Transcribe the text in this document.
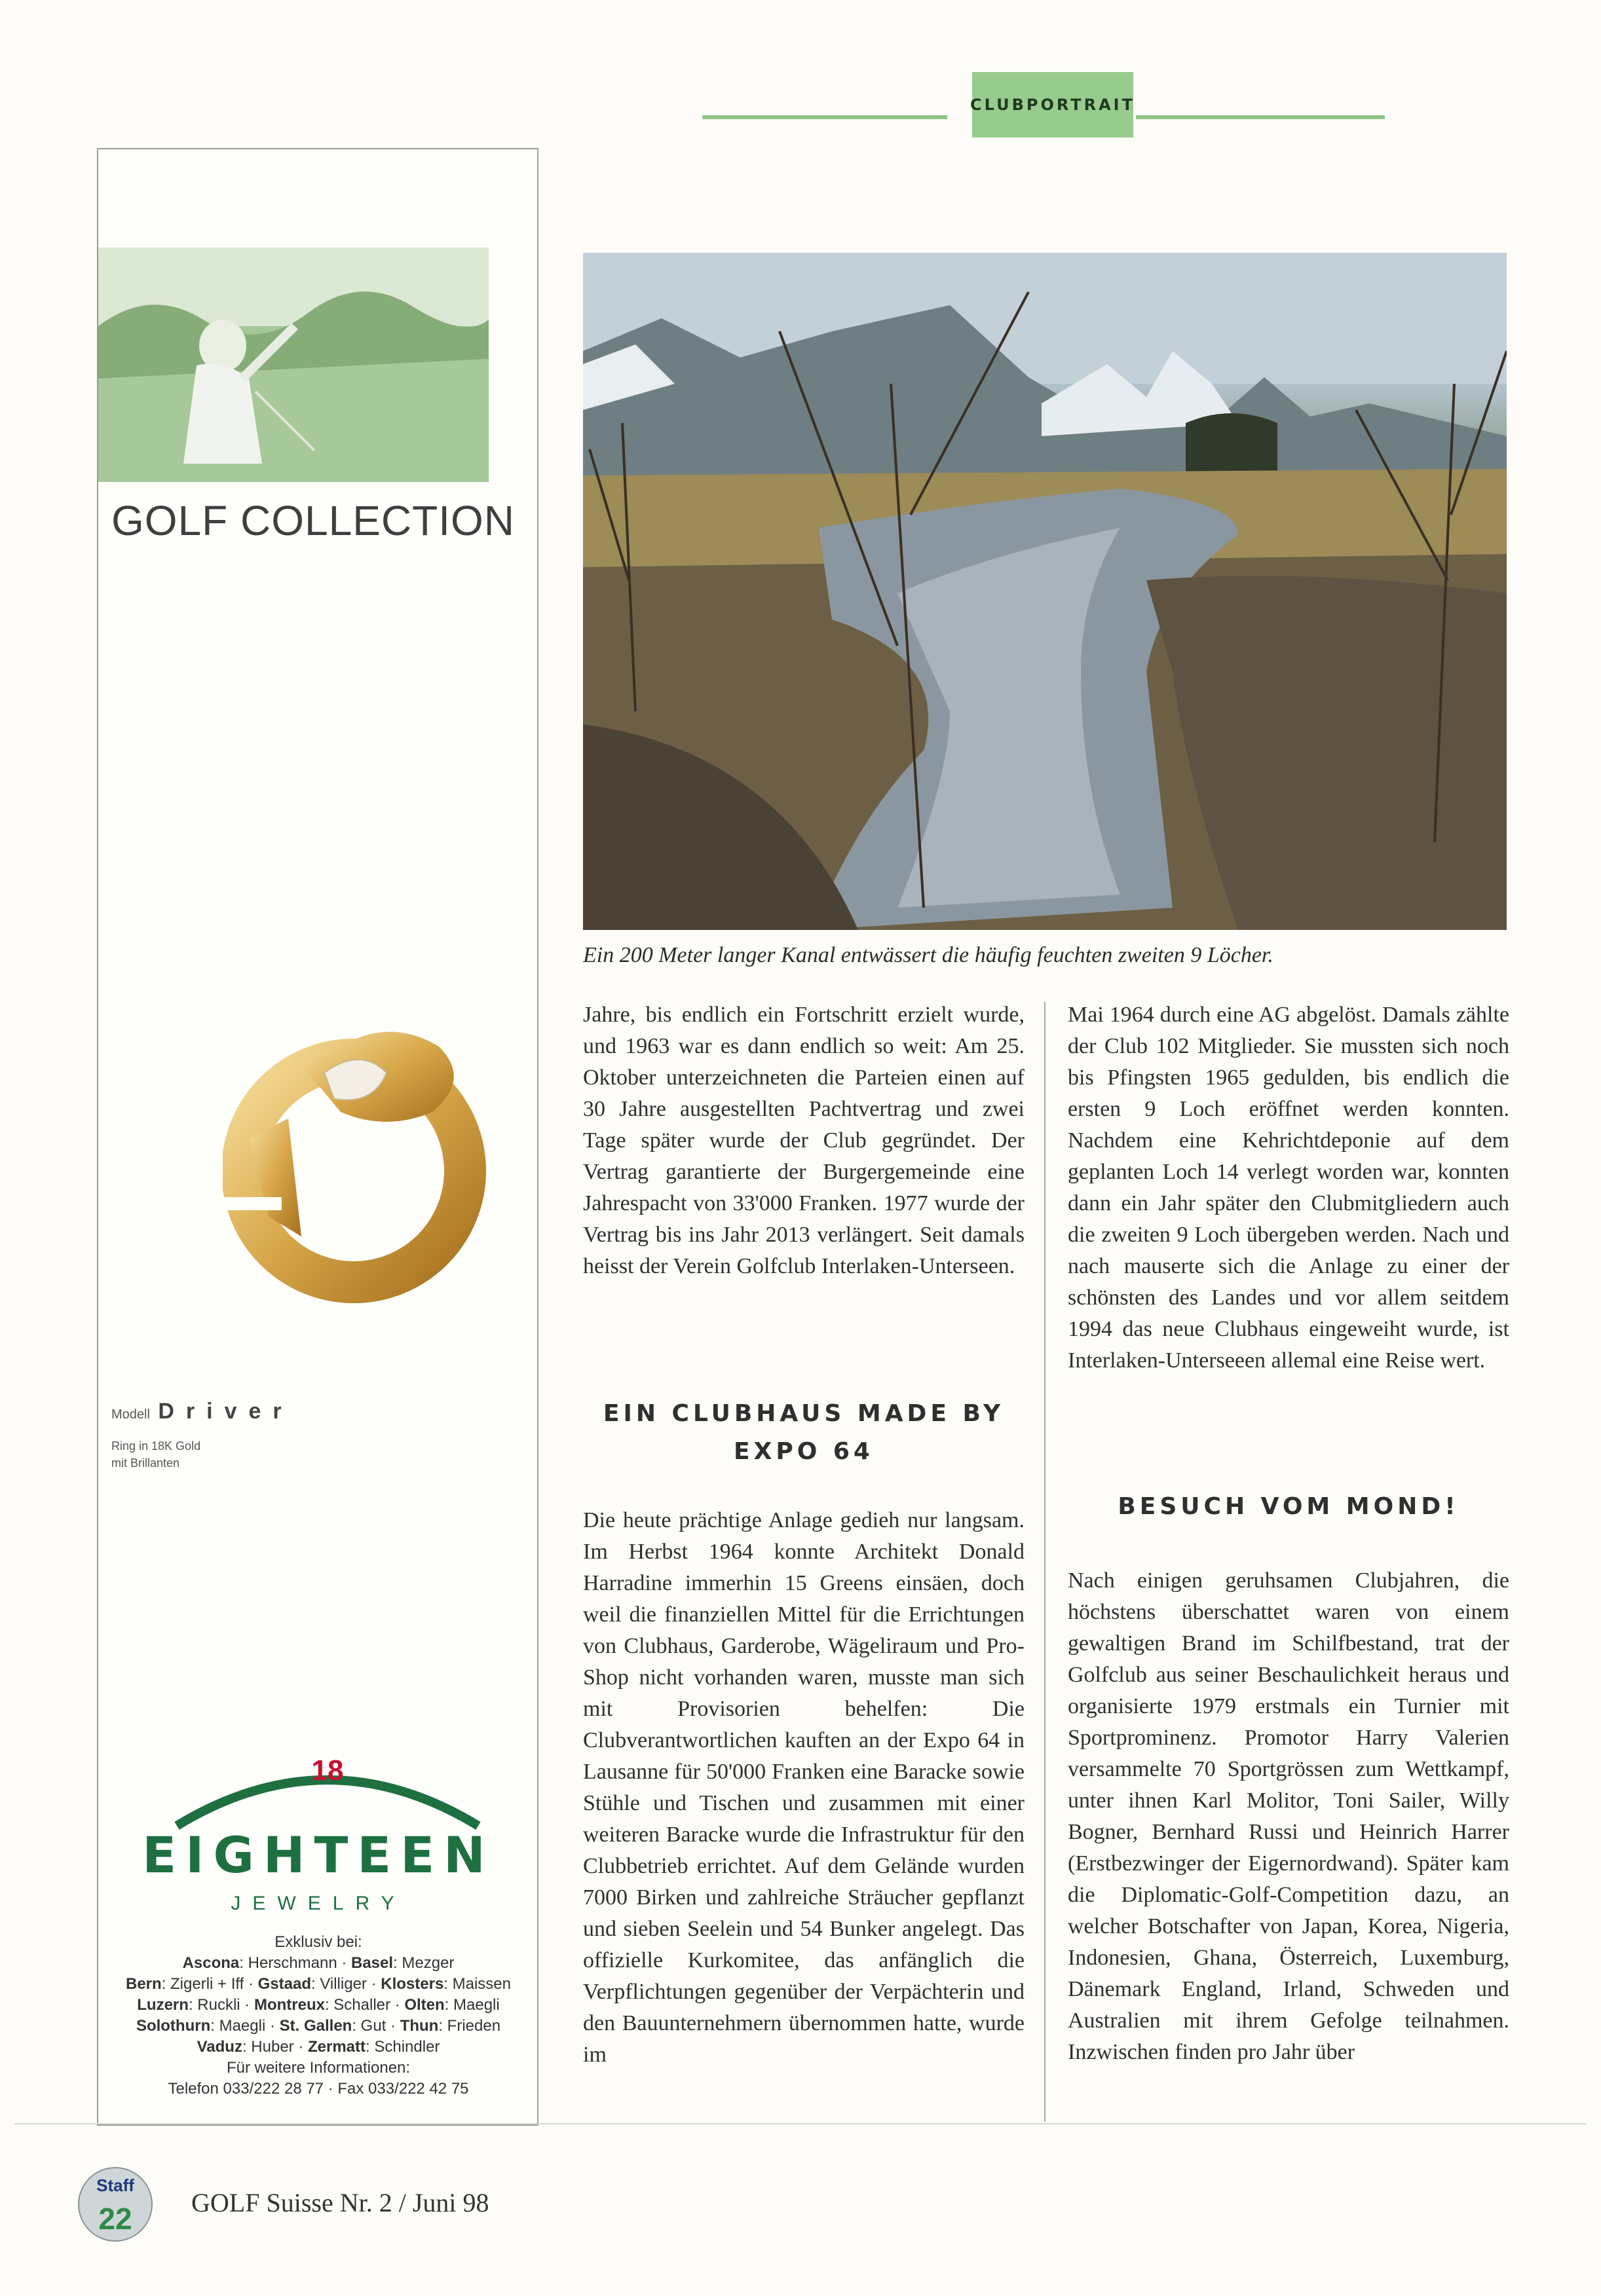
CLUBPORTRAIT
GOLF COLLECTION
Modell Driver
Ring in 18K Gold
mit Brillanten
18
EIGHTEEN
JEWELRY
Exklusiv bei:
Ascona: Herschmann · Basel: Mezger
Bern: Zigerli + Iff · Gstaad: Villiger · Klosters: Maissen
Luzern: Ruckli · Montreux: Schaller · Olten: Maegli
Solothurn: Maegli · St. Gallen: Gut · Thun: Frieden
Vaduz: Huber · Zermatt: Schindler
Für weitere Informationen:
Telefon 033/222 28 77 · Fax 033/222 42 75
Ein 200 Meter langer Kanal entwässert die häufig feuchten zweiten 9 Löcher.

Jahre, bis endlich ein Fortschritt erzielt wurde, und 1963 war es dann endlich so weit: Am 25. Oktober unterzeichneten die Parteien einen auf 30 Jahre ausgestellten Pachtvertrag und zwei Tage später wurde der Club gegründet. Der Vertrag garantierte der Burgergemeinde eine Jahrespacht von 33'000 Franken. 1977 wurde der Vertrag bis ins Jahr 2013 verlängert. Seit damals heisst der Verein Golfclub Interlaken-Unterseen.

EIN CLUBHAUS MADE BY
EXPO 64

Die heute prächtige Anlage gedieh nur langsam. Im Herbst 1964 konnte Architekt Donald Harradine immerhin 15 Greens einsäen, doch weil die finanziellen Mittel für die Errichtungen von Clubhaus, Garderobe, Wägeliraum und Pro-Shop nicht vorhanden waren, musste man sich mit Provisorien behelfen: Die Clubverantwortlichen kauften an der Expo 64 in Lausanne für 50'000 Franken eine Baracke sowie Stühle und Tischen und zusammen mit einer weiteren Baracke wurde die Infrastruktur für den Clubbetrieb errichtet. Auf dem Gelände wurden 7000 Birken und zahlreiche Sträucher gepflanzt und sieben Seelein und 54 Bunker angelegt. Das offizielle Kurkomitee, das anfänglich die Verpflichtungen gegenüber der Verpächterin und den Bauunternehmern übernommen hatte, wurde im

Mai 1964 durch eine AG abgelöst. Damals zählte der Club 102 Mitglieder. Sie mussten sich noch bis Pfingsten 1965 gedulden, bis endlich die ersten 9 Loch eröffnet werden konnten. Nachdem eine Kehrichtdeponie auf dem geplanten Loch 14 verlegt worden war, konnten dann ein Jahr später den Clubmitgliedern auch die zweiten 9 Loch übergeben werden. Nach und nach mauserte sich die Anlage zu einer der schönsten des Landes und vor allem seitdem 1994 das neue Clubhaus eingeweiht wurde, ist Interlaken-Unterseeen allemal eine Reise wert.

BESUCH VOM MOND!

Nach einigen geruhsamen Clubjahren, die höchstens überschattet waren von einem gewaltigen Brand im Schilfbestand, trat der Golfclub aus seiner Beschaulichkeit heraus und organisierte 1979 erstmals ein Turnier mit Sportprominenz. Promotor Harry Valerien versammelte 70 Sportgrössen zum Wettkampf, unter ihnen Karl Molitor, Toni Sailer, Willy Bogner, Bernhard Russi und Heinrich Harrer (Erstbezwinger der Eigernordwand). Später kam die Diplomatic-Golf-Competition dazu, an welcher Botschafter von Japan, Korea, Nigeria, Indonesien, Ghana, Österreich, Luxemburg, Dänemark England, Irland, Schweden und Australien mit ihrem Gefolge teilnahmen. Inzwischen finden pro Jahr über

Staff
22 GOLF Suisse Nr. 2 / Juni 98
